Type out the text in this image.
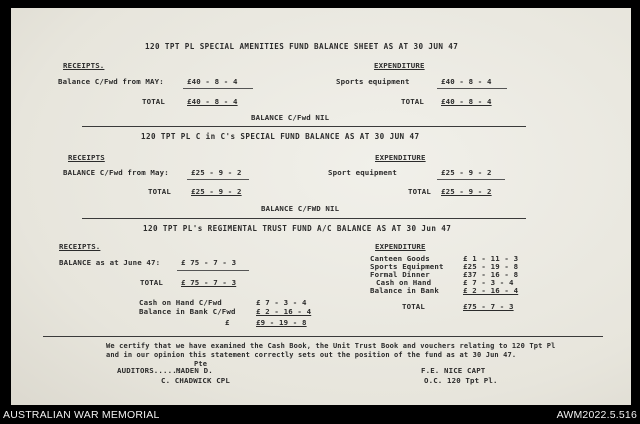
120 TPT PL SPECIAL AMENITIES FUND BALANCE SHEET AS AT 30 JUN 47
RECEIPTS.	EXPENDITURE
Balance C/Fwd from MAY:	£40 - 8 - 4	Sports equipment	£40 - 8 - 4
TOTAL	£40 - 8 - 4	TOTAL £40 - 8 - 4
BALANCE C/Fwd NIL
120 TPT PL C in C's SPECIAL FUND BALANCE AS AT 30 JUN 47
RECEIPTS	EXPENDITURE
BALANCE C/Fwd from May:	£25 - 9 - 2	Sport equipment	£25 - 9 - 2
TOTAL	£25 - 9 - 2	TOTAL £25 - 9 - 2
BALANCE C/FWD NIL
120 TPT PL's REGIMENTAL TRUST FUND A/C BALANCE AS AT 30 Jun 47
RECEIPTS.	EXPENDITURE
BALANCE as at June 47:	£ 75 - 7 - 3
TOTAL £ 75 - 7 - 3
Cash on Hand C/Fwd	£ 7 - 3 - 4
Balance in Bank C/Fwd	£ 2 - 16 - 4
£	£9 - 19 - 8
Canteen Goods	£ 1 - 11 - 3
Sports Equipment	£25 - 19 - 8
Formal Dinner	£37 - 16 - 8
Cash on Hand	£ 7 - 3 - 4
Balance in Bank	£ 2 - 16 - 4
TOTAL	£75 - 7 - 3
We certify that we have examined the Cash Book, the Unit Trust Book and vouchers relating to 120 Tpt Pl
and in our opinion this statement correctly sets out the position of the fund as at 30 Jun 47.
Pte
AUDITORS......
MADEN D.	F.E. NICE CAPT
C. CHADWICK CPL	O.C. 120 Tpt Pl.
AUSTRALIAN WAR MEMORIAL	AWM2022.5.516
